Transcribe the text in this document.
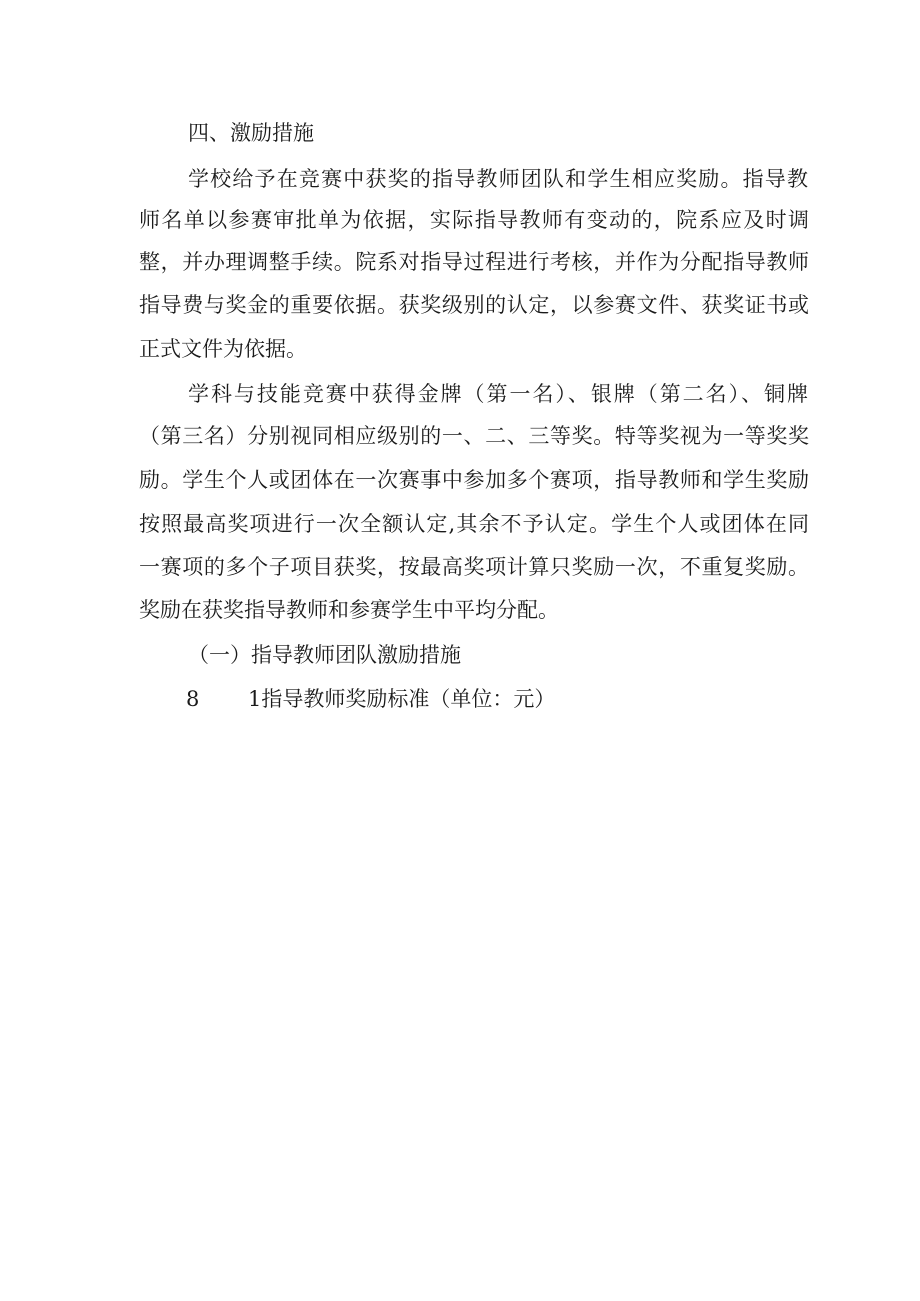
四、激励措施
学校给予在竞赛中获奖的指导教师团队和学生相应奖励。指导教
师名单以参赛审批单为依据，实际指导教师有变动的，院系应及时调
整，并办理调整手续。院系对指导过程进行考核，并作为分配指导教师
指导费与奖金的重要依据。获奖级别的认定，以参赛文件、获奖证书或
正式文件为依据。
学科与技能竞赛中获得金牌（第一名）、银牌（第二名）、铜牌
（第三名）分别视同相应级别的一、二、三等奖。特等奖视为一等奖奖
励。学生个人或团体在一次赛事中参加多个赛项，指导教师和学生奖励
按照最高奖项进行一次全额认定,其余不予认定。学生个人或团体在同
一赛项的多个子项目获奖，按最高奖项计算只奖励一次，不重复奖励。
奖励在获奖指导教师和参赛学生中平均分配。
（一）指导教师团队激励措施
8 1指导教师奖励标准（单位：元）
